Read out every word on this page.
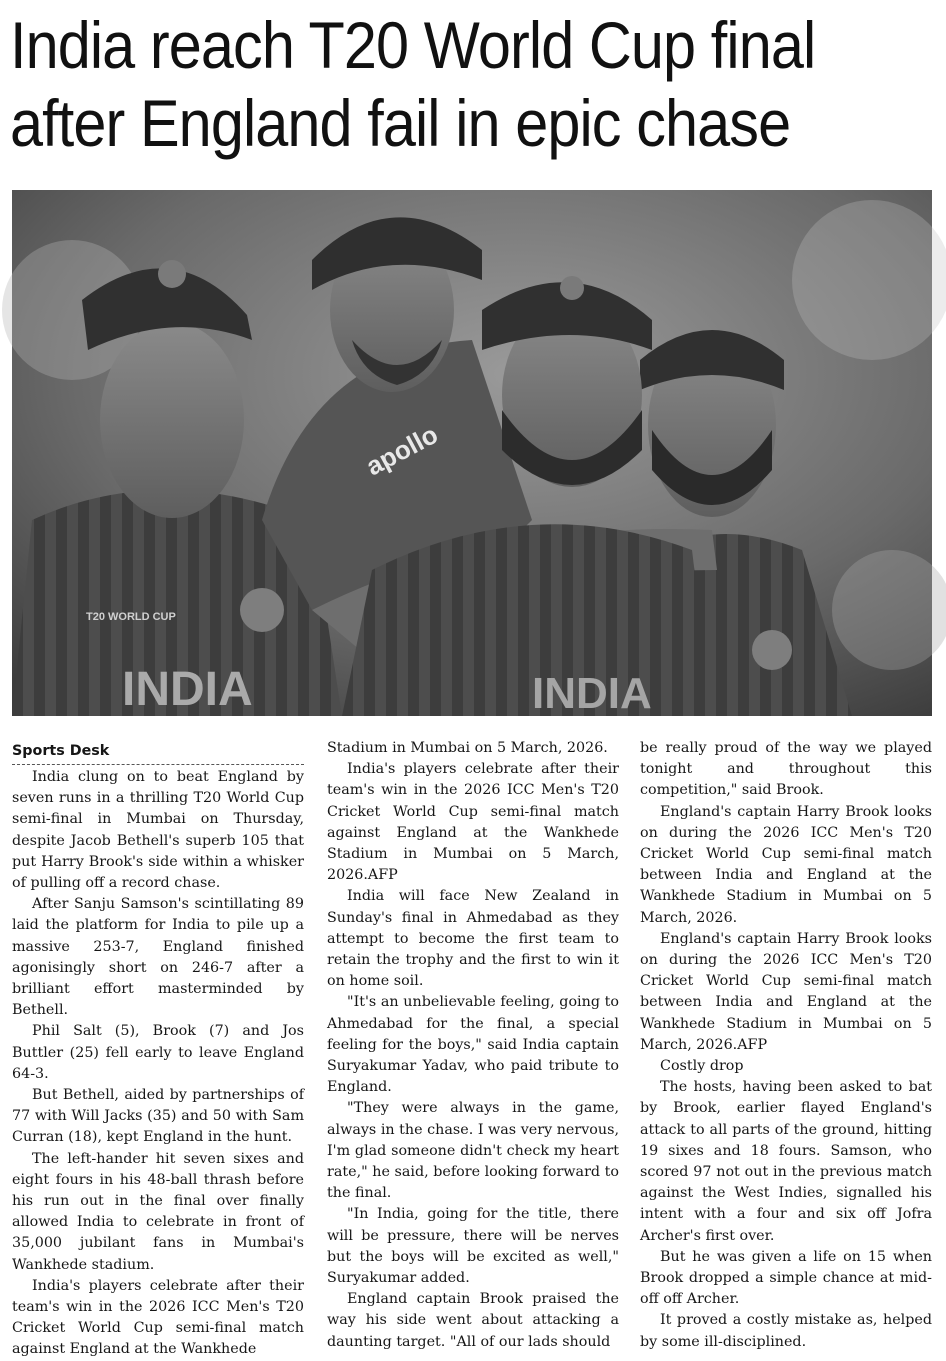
India reach T20 World Cup final
after England fail in epic chase
INDIA
T20 WORLD CUP
apollo
INDIA
Sports Desk

India clung on to beat England by seven runs in a thrilling T20 World Cup semi-final in Mumbai on Thursday, despite Jacob Bethell's superb 105 that put Harry Brook's side within a whisker of pulling off a record chase.

After Sanju Samson's scintillating 89 laid the platform for India to pile up a massive 253-7, England finished agonisingly short on 246-7 after a brilliant effort masterminded by Bethell.

Phil Salt (5), Brook (7) and Jos Buttler (25) fell early to leave England 64-3.

But Bethell, aided by partnerships of 77 with Will Jacks (35) and 50 with Sam Curran (18), kept England in the hunt.

The left-hander hit seven sixes and eight fours in his 48-ball thrash before his run out in the final over finally allowed India to celebrate in front of 35,000 jubilant fans in Mumbai's Wankhede stadium.

India's players celebrate after their team's win in the 2026 ICC Men's T20 Cricket World Cup semi-final match against England at the Wankhede

Stadium in Mumbai on 5 March, 2026.

India's players celebrate after their team's win in the 2026 ICC Men's T20 Cricket World Cup semi-final match against England at the Wankhede Stadium in Mumbai on 5 March, 2026.AFP

India will face New Zealand in Sunday's final in Ahmedabad as they attempt to become the first team to retain the trophy and the first to win it on home soil.

"It's an unbelievable feeling, going to Ahmedabad for the final, a special feeling for the boys," said India captain Suryakumar Yadav, who paid tribute to England.

"They were always in the game, always in the chase. I was very nervous, I'm glad someone didn't check my heart rate," he said, before looking forward to the final.

"In India, going for the title, there will be pressure, there will be nerves but the boys will be excited as well," Suryakumar added.

England captain Brook praised the way his side went about attacking a daunting target. "All of our lads should

be really proud of the way we played tonight and throughout this competition," said Brook.

England's captain Harry Brook looks on during the 2026 ICC Men's T20 Cricket World Cup semi-final match between India and England at the Wankhede Stadium in Mumbai on 5 March, 2026.

England's captain Harry Brook looks on during the 2026 ICC Men's T20 Cricket World Cup semi-final match between India and England at the Wankhede Stadium in Mumbai on 5 March, 2026.AFP

Costly drop

The hosts, having been asked to bat by Brook, earlier flayed England's attack to all parts of the ground, hitting 19 sixes and 18 fours. Samson, who scored 97 not out in the previous match against the West Indies, signalled his intent with a four and six off Jofra Archer's first over.

But he was given a life on 15 when Brook dropped a simple chance at mid-off off Archer.

It proved a costly mistake as, helped by some ill-disciplined.
